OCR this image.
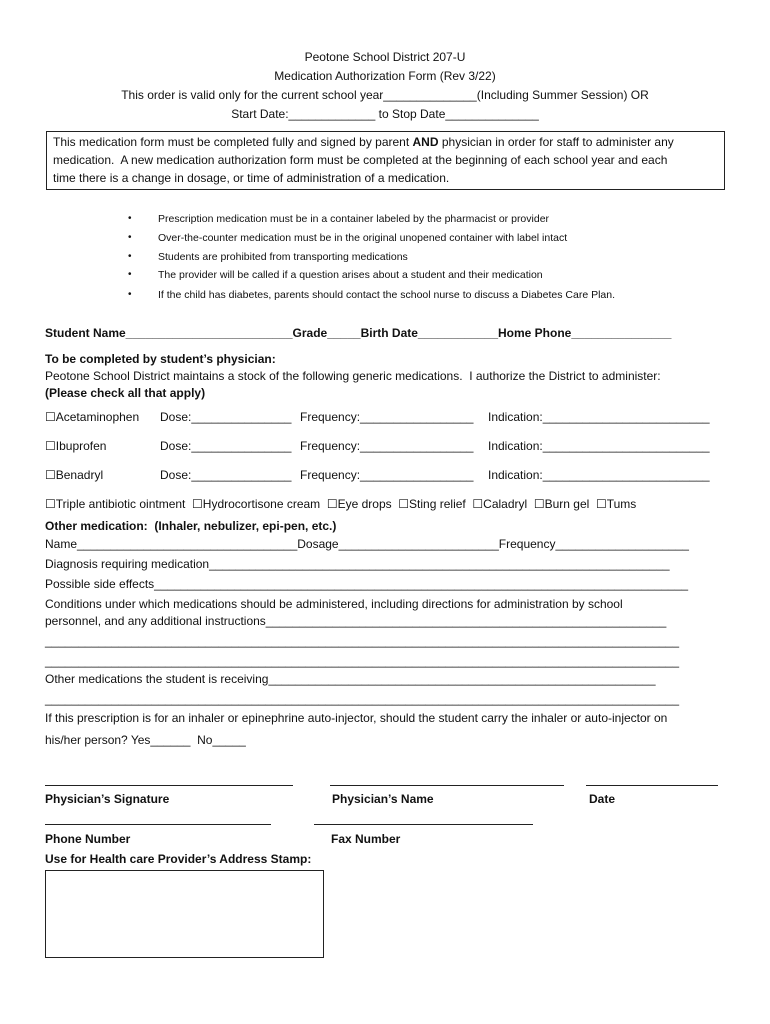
Peotone School District 207-U
Medication Authorization Form (Rev 3/22)
This order is valid only for the current school year______________(Including Summer Session) OR
Start Date:_____________ to Stop Date______________
This medication form must be completed fully and signed by parent AND physician in order for staff to administer any
medication.  A new medication authorization form must be completed at the beginning of each school year and each
time there is a change in dosage, or time of administration of a medication.
• Prescription medication must be in a container labeled by the pharmacist or provider
• Over-the-counter medication must be in the original unopened container with label intact
• Students are prohibited from transporting medications
• The provider will be called if a question arises about a student and their medication
• If the child has diabetes, parents should contact the school nurse to discuss a Diabetes Care Plan.
Student Name_________________________Grade_____Birth Date____________Home Phone_______________
To be completed by student’s physician:
Peotone School District maintains a stock of the following generic medications.  I authorize the District to administer:
(Please check all that apply)
☐Acetaminophen Dose:_______________ Frequency:_________________ Indication:_________________________
☐Ibuprofen	Dose:_______________ Frequency:_________________ Indication:_________________________
☐Benadryl	Dose:_______________ Frequency:_________________ Indication:_________________________
☐Triple antibiotic ointment  ☐Hydrocortisone cream  ☐Eye drops  ☐Sting relief  ☐Caladryl  ☐Burn gel  ☐Tums
Other medication:  (Inhaler, nebulizer, epi-pen, etc.)
Name_________________________________Dosage________________________Frequency____________________
Diagnosis requiring medication_____________________________________________________________________
Possible side effects________________________________________________________________________________
Conditions under which medications should be administered, including directions for administration by school
personnel, and any additional instructions____________________________________________________________
_______________________________________________________________________________________________
_______________________________________________________________________________________________
Other medications the student is receiving__________________________________________________________
_______________________________________________________________________________________________
If this prescription is for an inhaler or epinephrine auto-injector, should the student carry the inhaler or auto-injector on
his/her person? Yes______  No_____
Physician’s Signature	Physician’s Name	Date
Phone Number	Fax Number
Use for Health care Provider’s Address Stamp:
